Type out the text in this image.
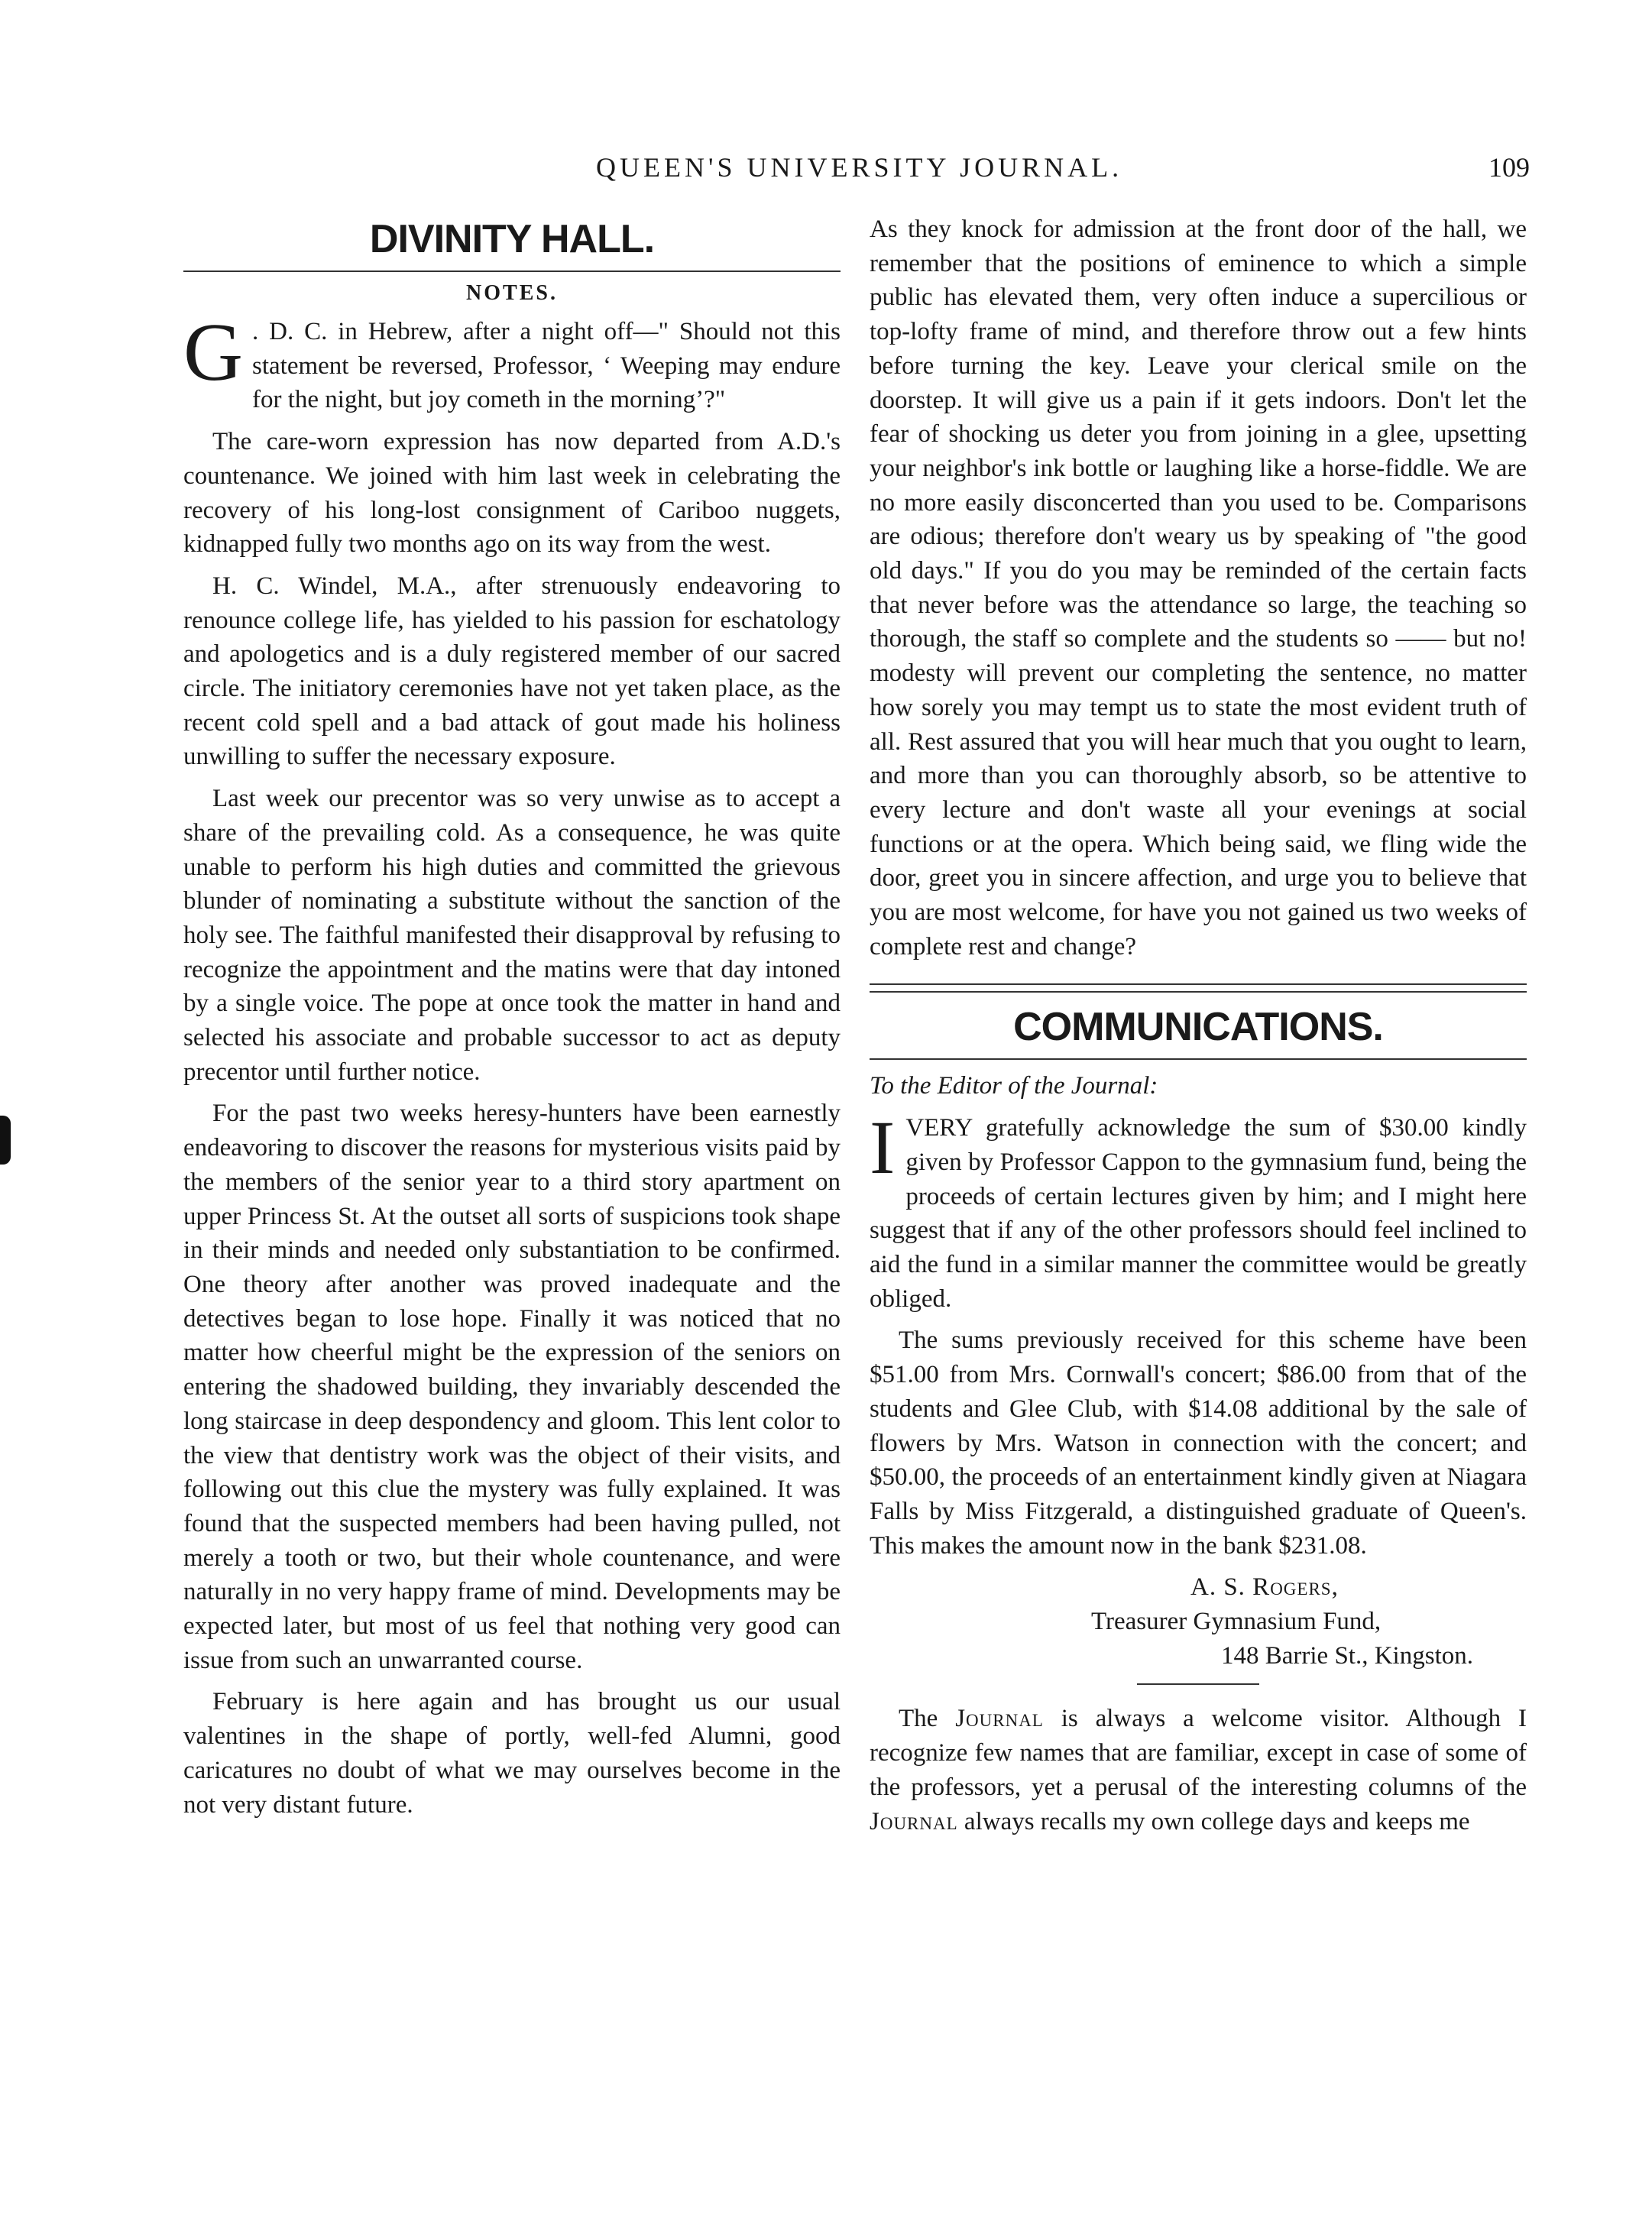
QUEEN'S UNIVERSITY JOURNAL.	109
DIVINITY HALL.
NOTES.

G . D. C. in Hebrew, after a night off—" Should not this statement be reversed, Professor, ‘ Weeping may endure for the night, but joy cometh in the morning’?"

The care-worn expression has now departed from A.D.'s countenance. We joined with him last week in celebrating the recovery of his long-lost consignment of Cariboo nuggets, kidnapped fully two months ago on its way from the west.

H. C. Windel, M.A., after strenuously endeavoring to renounce college life, has yielded to his passion for eschatology and apologetics and is a duly registered member of our sacred circle. The initiatory ceremonies have not yet taken place, as the recent cold spell and a bad attack of gout made his holiness unwilling to suffer the necessary exposure.

Last week our precentor was so very unwise as to accept a share of the prevailing cold. As a consequence, he was quite unable to perform his high duties and committed the grievous blunder of nominating a substitute without the sanction of the holy see. The faithful manifested their disapproval by refusing to recognize the appointment and the matins were that day intoned by a single voice. The pope at once took the matter in hand and selected his associate and probable successor to act as deputy precentor until further notice.

For the past two weeks heresy-hunters have been earnestly endeavoring to discover the reasons for mysterious visits paid by the members of the senior year to a third story apartment on upper Princess St. At the outset all sorts of suspicions took shape in their minds and needed only substantiation to be confirmed. One theory after another was proved inadequate and the detectives began to lose hope. Finally it was noticed that no matter how cheerful might be the expression of the seniors on entering the shadowed building, they invariably descended the long staircase in deep despondency and gloom. This lent color to the view that dentistry work was the object of their visits, and following out this clue the mystery was fully explained. It was found that the suspected members had been having pulled, not merely a tooth or two, but their whole countenance, and were naturally in no very happy frame of mind. Developments may be expected later, but most of us feel that nothing very good can issue from such an unwarranted course.

February is here again and has brought us our usual valentines in the shape of portly, well-fed Alumni, good caricatures no doubt of what we may ourselves become in the not very distant future.

As they knock for admission at the front door of the hall, we remember that the positions of eminence to which a simple public has elevated them, very often induce a supercilious or top-lofty frame of mind, and therefore throw out a few hints before turning the key. Leave your clerical smile on the doorstep. It will give us a pain if it gets indoors. Don't let the fear of shocking us deter you from joining in a glee, upsetting your neighbor's ink bottle or laughing like a horse-fiddle. We are no more easily disconcerted than you used to be. Comparisons are odious; therefore don't weary us by speaking of "the good old days." If you do you may be reminded of the certain facts that never before was the attendance so large, the teaching so thorough, the staff so complete and the students so —— but no! modesty will prevent our completing the sentence, no matter how sorely you may tempt us to state the most evident truth of all. Rest assured that you will hear much that you ought to learn, and more than you can thoroughly absorb, so be attentive to every lecture and don't waste all your evenings at social functions or at the opera. Which being said, we fling wide the door, greet you in sincere affection, and urge you to believe that you are most welcome, for have you not gained us two weeks of complete rest and change?

COMMUNICATIONS.

To the Editor of the Journal:

IVERY gratefully acknowledge the sum of $30.00 kindly given by Professor Cappon to the gymnasium fund, being the proceeds of certain lectures given by him; and I might here suggest that if any of the other professors should feel inclined to aid the fund in a similar manner the committee would be greatly obliged.

The sums previously received for this scheme have been $51.00 from Mrs. Cornwall's concert; $86.00 from that of the students and Glee Club, with $14.08 additional by the sale of flowers by Mrs. Watson in connection with the concert; and $50.00, the proceeds of an entertainment kindly given at Niagara Falls by Miss Fitzgerald, a distinguished graduate of Queen's. This makes the amount now in the bank $231.08.

A. S. Rogers,

Treasurer Gymnasium Fund,

148 Barrie St., Kingston.

The Journal is always a welcome visitor. Although I recognize few names that are familiar, except in case of some of the professors, yet a perusal of the interesting columns of the Journal always recalls my own college days and keeps me
